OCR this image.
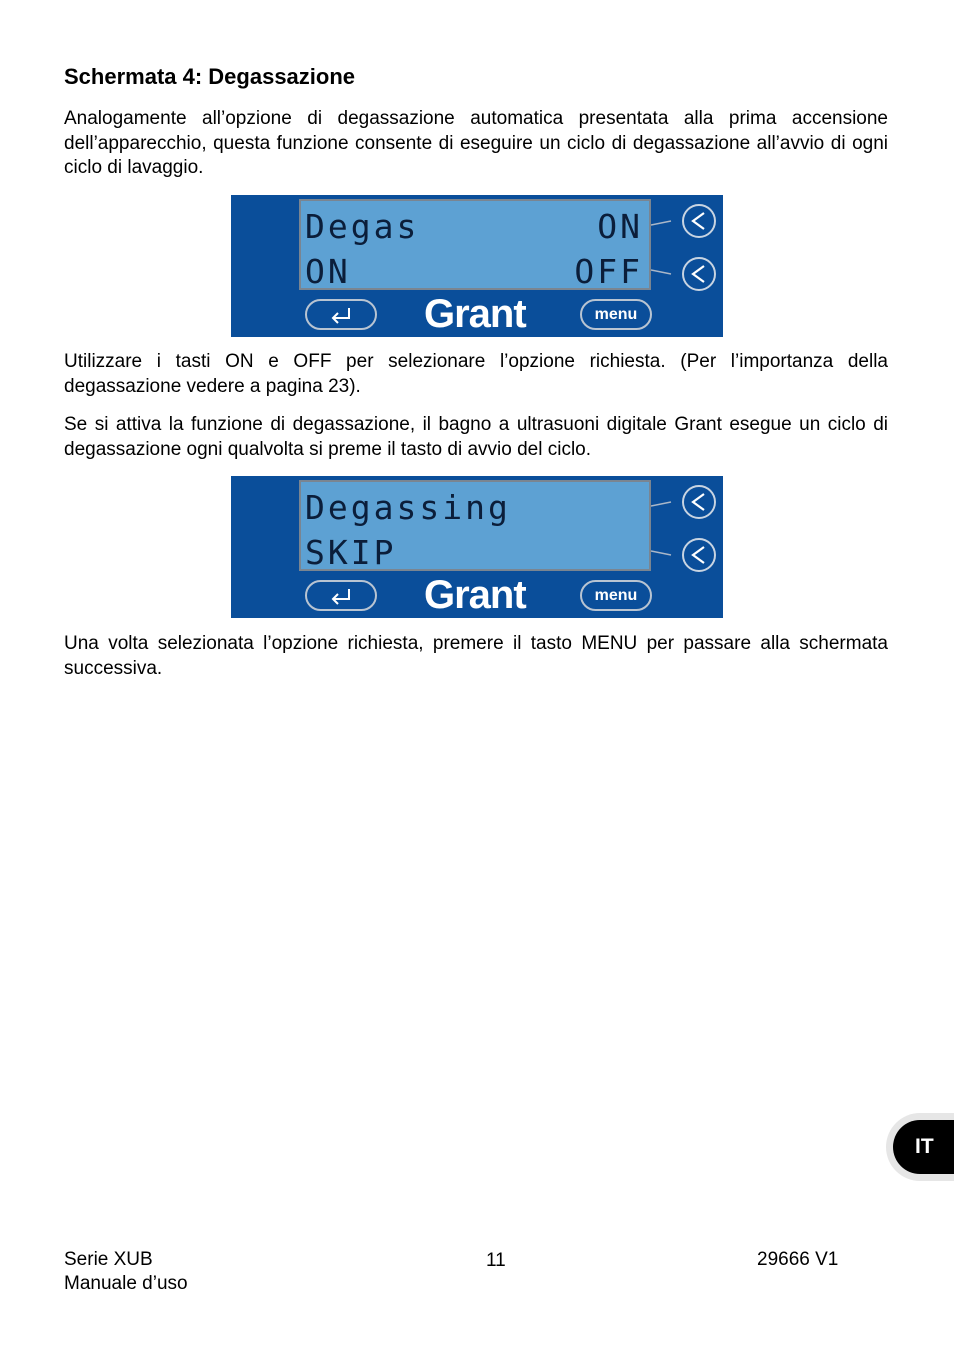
Schermata 4: Degassazione

Analogamente all’opzione di degassazione automatica presentata alla prima accensione dell’apparecchio, questa funzione consente di eseguire un ciclo di degassazione all’avvio di ogni ciclo di lavaggio.

Degas	ON
ON	OFF
Grant	menu

Utilizzare i tasti ON e OFF per selezionare l’opzione richiesta. (Per l’importanza della degassazione vedere a pagina 23).

Se si attiva la funzione di degassazione, il bagno a ultrasuoni digitale Grant esegue un ciclo di degassazione ogni qualvolta si preme il tasto di avvio del ciclo.

Degassing
SKIP
Grant	menu

Una volta selezionata l’opzione richiesta, premere il tasto MENU per passare alla schermata successiva.

IT
Serie XUB
Manuale d’uso
11	29666 V1
